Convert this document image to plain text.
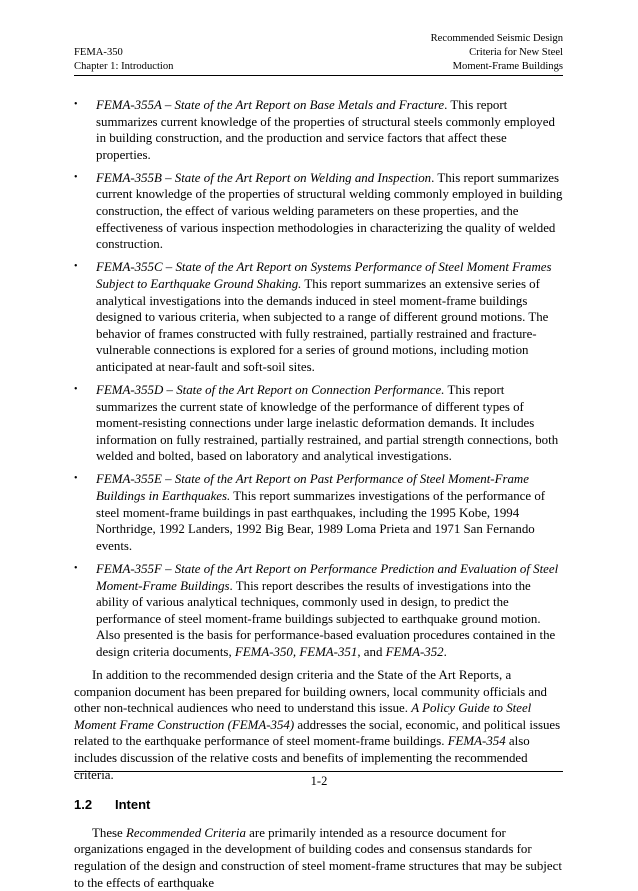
FEMA-350
Chapter 1: Introduction
Recommended Seismic Design
Criteria for New Steel
Moment-Frame Buildings
• FEMA-355A – State of the Art Report on Base Metals and Fracture. This report summarizes current knowledge of the properties of structural steels commonly employed in building construction, and the production and service factors that affect these properties.
• FEMA-355B – State of the Art Report on Welding and Inspection. This report summarizes current knowledge of the properties of structural welding commonly employed in building construction, the effect of various welding parameters on these properties, and the effectiveness of various inspection methodologies in characterizing the quality of welded construction.
• FEMA-355C – State of the Art Report on Systems Performance of Steel Moment Frames Subject to Earthquake Ground Shaking. This report summarizes an extensive series of analytical investigations into the demands induced in steel moment-frame buildings designed to various criteria, when subjected to a range of different ground motions. The behavior of frames constructed with fully restrained, partially restrained and fracture-vulnerable connections is explored for a series of ground motions, including motion anticipated at near-fault and soft-soil sites.
• FEMA-355D – State of the Art Report on Connection Performance. This report summarizes the current state of knowledge of the performance of different types of moment-resisting connections under large inelastic deformation demands. It includes information on fully restrained, partially restrained, and partial strength connections, both welded and bolted, based on laboratory and analytical investigations.
• FEMA-355E – State of the Art Report on Past Performance of Steel Moment-Frame Buildings in Earthquakes. This report summarizes investigations of the performance of steel moment-frame buildings in past earthquakes, including the 1995 Kobe, 1994 Northridge, 1992 Landers, 1992 Big Bear, 1989 Loma Prieta and 1971 San Fernando events.
• FEMA-355F – State of the Art Report on Performance Prediction and Evaluation of Steel Moment-Frame Buildings. This report describes the results of investigations into the ability of various analytical techniques, commonly used in design, to predict the performance of steel moment-frame buildings subjected to earthquake ground motion. Also presented is the basis for performance-based evaluation procedures contained in the design criteria documents, FEMA-350, FEMA-351, and FEMA-352.

In addition to the recommended design criteria and the State of the Art Reports, a companion document has been prepared for building owners, local community officials and other non-technical audiences who need to understand this issue. A Policy Guide to Steel Moment Frame Construction (FEMA-354) addresses the social, economic, and political issues related to the earthquake performance of steel moment-frame buildings. FEMA-354 also includes discussion of the relative costs and benefits of implementing the recommended criteria.

1.2 Intent

These Recommended Criteria are primarily intended as a resource document for organizations engaged in the development of building codes and consensus standards for regulation of the design and construction of steel moment-frame structures that may be subject to the effects of earthquake

1-2
